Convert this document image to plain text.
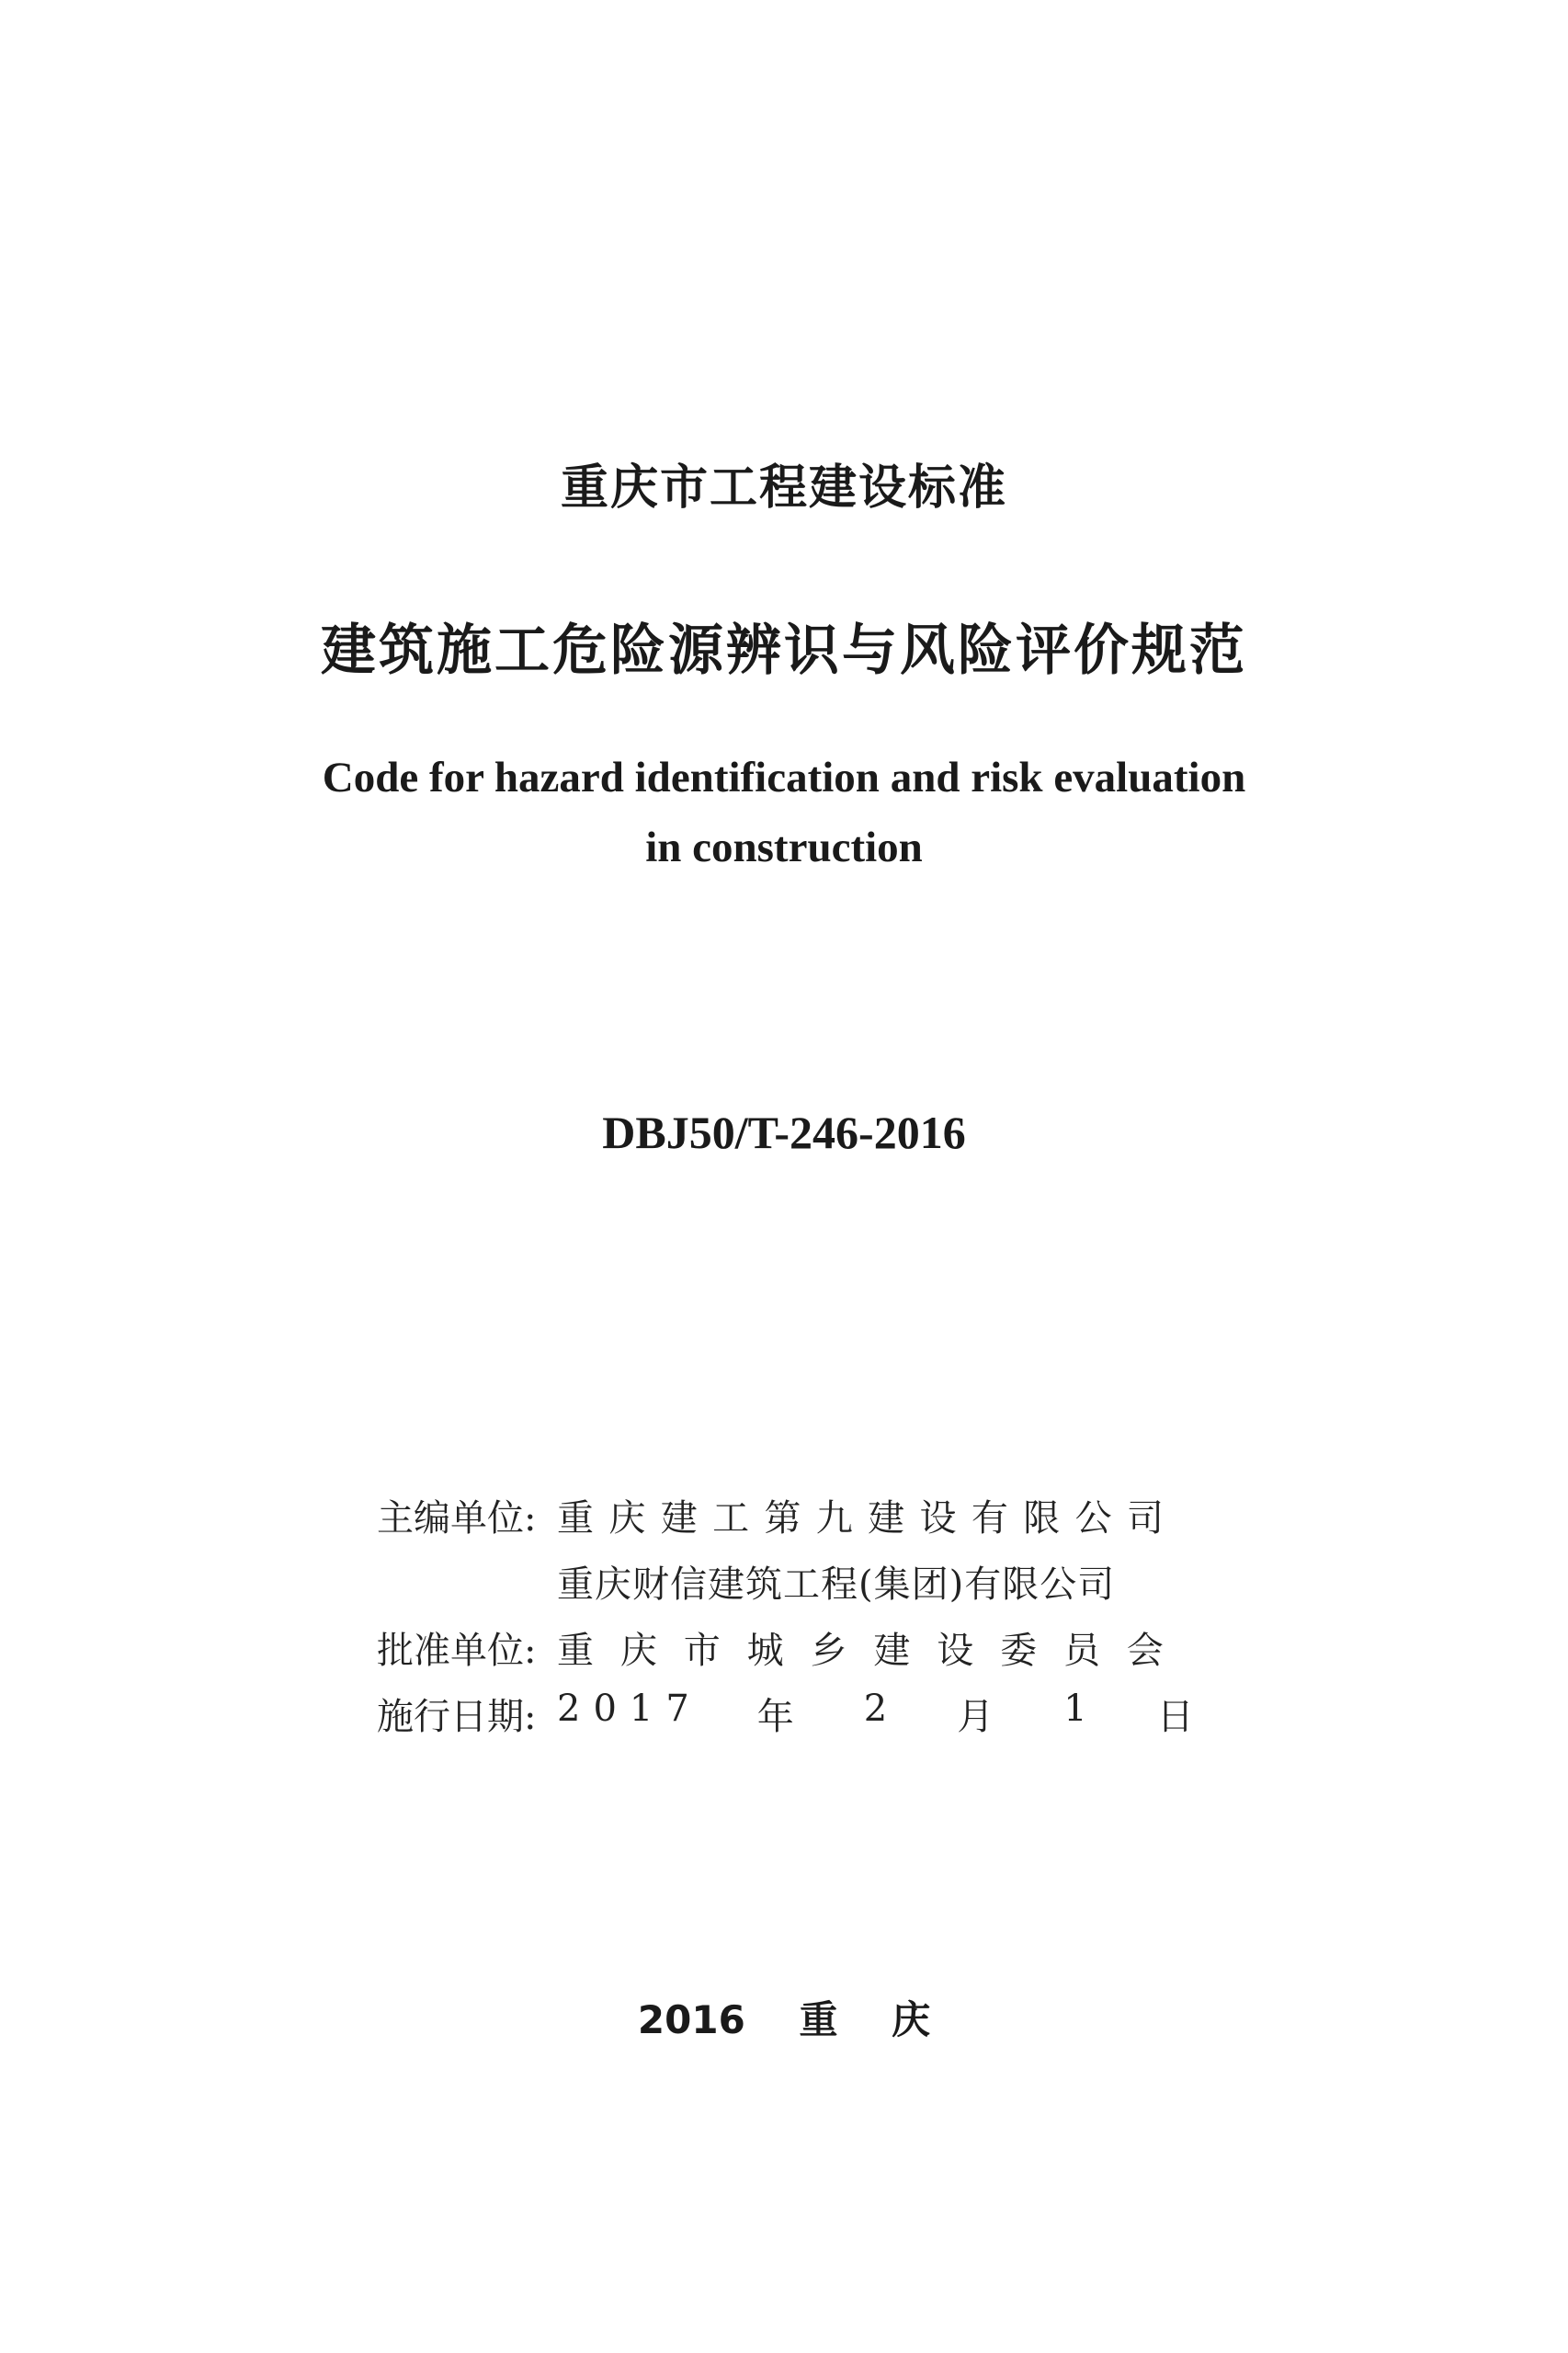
重庆市工程建设标准
建筑施工危险源辨识与风险评价规范
Code for hazard identification and risk evaluation
in construction
DBJ50/T-246-2016
主编单位: 重 庆 建 工 第 九 建 设 有 限 公 司
重庆财信建筑工程(集团)有限公司
批准单位: 重 庆 市 城 乡 建 设 委 员 会
施行日期: 2017 年 2 月 1 日
2016 重 庆
